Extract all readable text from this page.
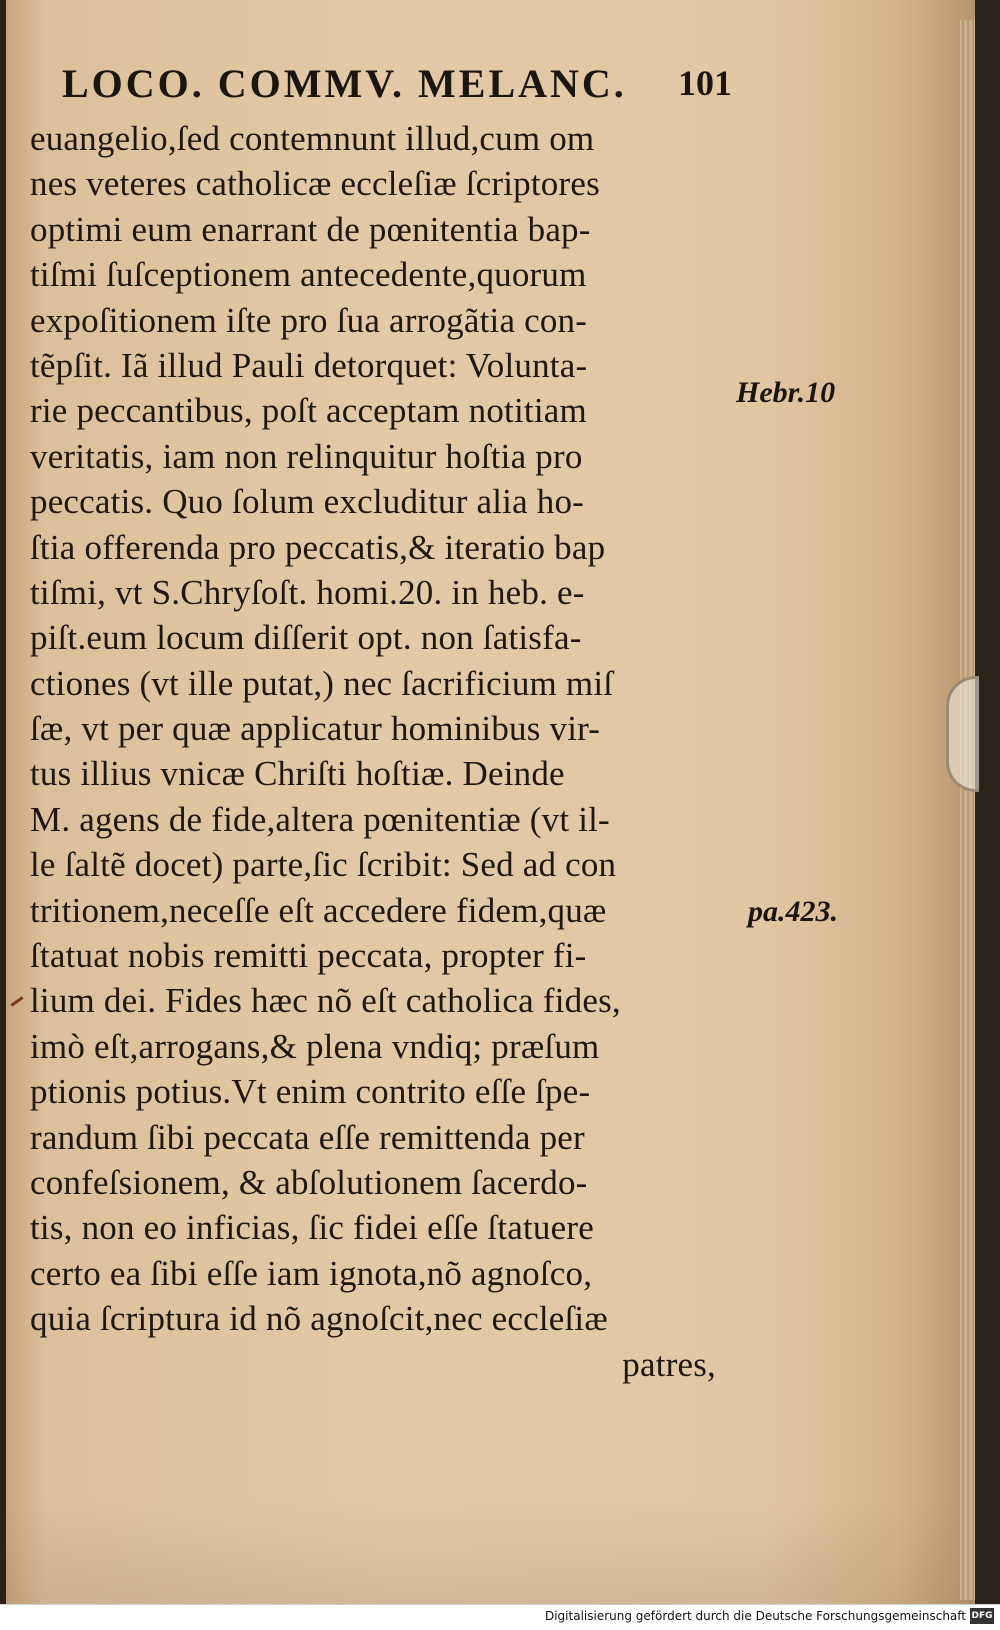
LOCO. COMMV. MELANC.	101
euangelio,ſed contemnunt illud,cum om
nes veteres catholicæ eccleſiæ ſcriptores
optimi eum enarrant de pœnitentia bap-
tiſmi ſuſceptionem antecedente,quorum
expoſitionem iſte pro ſua arrogãtia con-
tẽpſit. Iã illud Pauli detorquet: Volunta-
rie peccantibus, poſt acceptam notitiam
veritatis, iam non relinquitur hoſtia pro
peccatis. Quo ſolum excluditur alia ho-
ſtia offerenda pro peccatis,& iteratio bap
tiſmi, vt S.Chryſoſt. homi.20. in heb. e-
piſt.eum locum diſſerit opt. non ſatisfa-
ctiones (vt ille putat,) nec ſacrificium miſ
ſæ, vt per quæ applicatur hominibus vir-
tus illius vnicæ Chriſti hoſtiæ. Deinde
M. agens de fide,altera pœnitentiæ (vt il-
le ſaltẽ docet) parte,ſic ſcribit: Sed ad con
tritionem,neceſſe eſt accedere fidem,quæ
ſtatuat nobis remitti peccata, propter fi-
lium dei. Fides hæc nõ eſt catholica fides,
imò eſt,arrogans,& plena vndiq; præſum
ptionis potius.Vt enim contrito eſſe ſpe-
randum ſibi peccata eſſe remittenda per
confeſsionem, & abſolutionem ſacerdo-
tis, non eo inficias, ſic fidei eſſe ſtatuere
certo ea ſibi eſſe iam ignota,nõ agnoſco,
quia ſcriptura id nõ agnoſcit,nec eccleſiæ
patres,
Hebr.10
pa.423.
Digitalisierung gefördert durch die Deutsche Forschungsgemeinschaft DFG
